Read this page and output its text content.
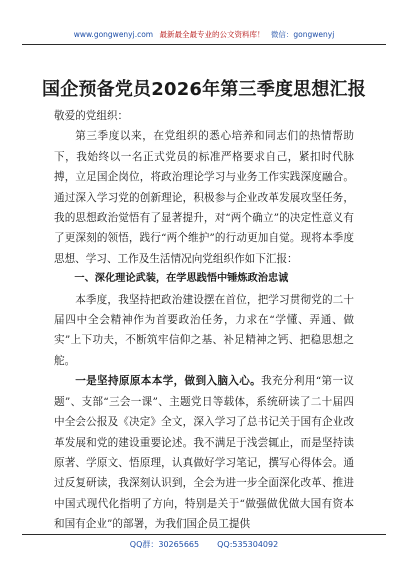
www.gongwenyj.com 最新最全最专业的公文资料库！ 微信：gongwenyj
国企预备党员2026年第三季度思想汇报

敬爱的党组织：

第三季度以来，在党组织的悉心培养和同志们的热情帮助下，我始终以一名正式党员的标准严格要求自己，紧扣时代脉搏，立足国企岗位，将政治理论学习与业务工作实践深度融合。通过深入学习党的创新理论，积极参与企业改革发展攻坚任务，我的思想政治觉悟有了显著提升，对“两个确立”的决定性意义有了更深刻的领悟，践行“两个维护”的行动更加自觉。现将本季度思想、学习、工作及生活情况向党组织作如下汇报：

一、深化理论武装，在学思践悟中锤炼政治忠诚

本季度，我坚持把政治建设摆在首位，把学习贯彻党的二十届四中全会精神作为首要政治任务，力求在“学懂、弄通、做实”上下功夫，不断筑牢信仰之基、补足精神之钙、把稳思想之舵。

一是坚持原原本本学，做到入脑入心。我充分利用“第一议题”、支部“三会一课”、主题党日等载体，系统研读了二十届四中全会公报及《决定》全文，深入学习了总书记关于国有企业改革发展和党的建设重要论述。我不满足于浅尝辄止，而是坚持读原著、学原文、悟原理，认真做好学习笔记，撰写心得体会。通过反复研读，我深刻认识到，全会为进一步全面深化改革、推进中国式现代化指明了方向，特别是关于“做强做优做大国有资本和国有企业”的部署，为我们国企员工提供

QQ群：30265665 QQ:535304092
